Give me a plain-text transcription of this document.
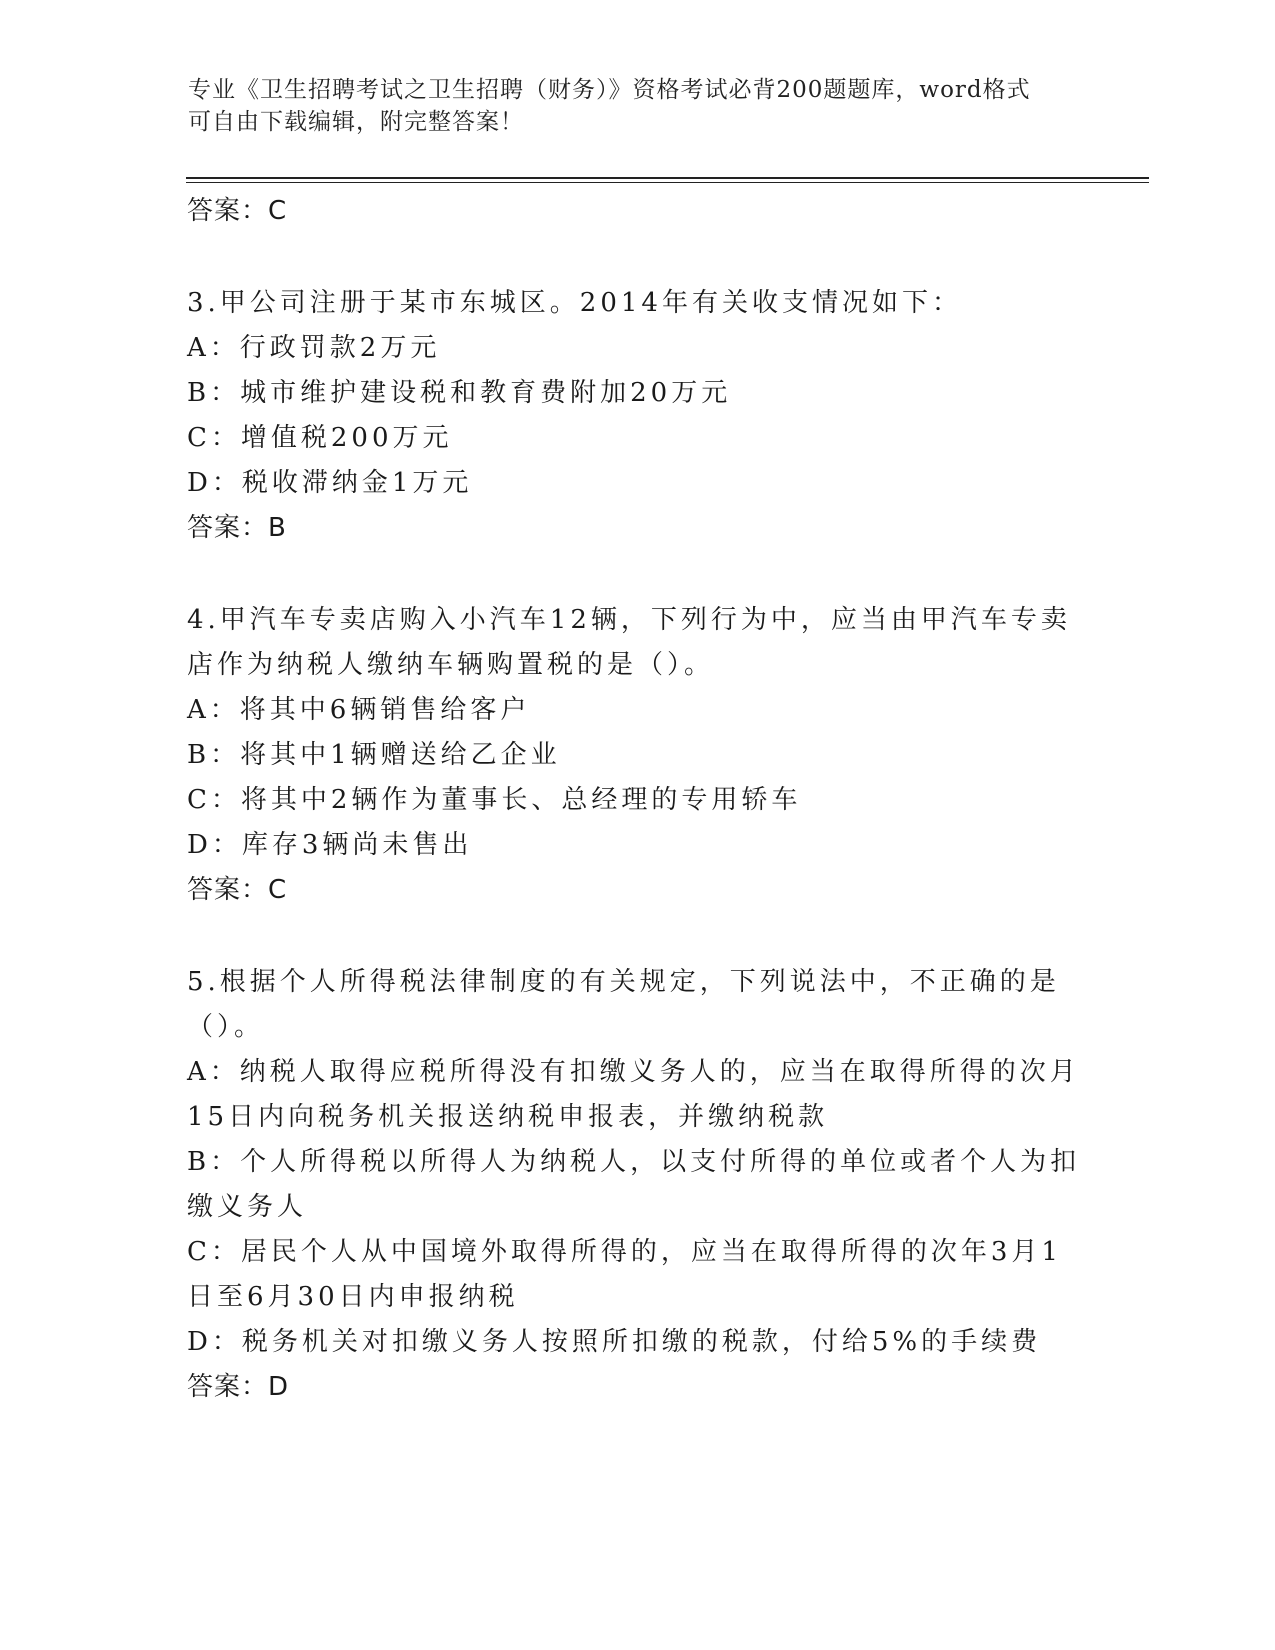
专业《卫生招聘考试之卫生招聘（财务）》资格考试必背200题题库，word格式
可自由下载编辑，附完整答案！

答案：C

3.甲公司注册于某市东城区。2014年有关收支情况如下：

A：行政罚款2万元

B：城市维护建设税和教育费附加20万元

C：增值税200万元

D：税收滞纳金1万元

答案：B

4.甲汽车专卖店购入小汽车12辆，下列行为中，应当由甲汽车专卖店作为纳税人缴纳车辆购置税的是（）。

A：将其中6辆销售给客户

B：将其中1辆赠送给乙企业

C：将其中2辆作为董事长、总经理的专用轿车

D：库存3辆尚未售出

答案：C

5.根据个人所得税法律制度的有关规定，下列说法中，不正确的是（）。

A：纳税人取得应税所得没有扣缴义务人的，应当在取得所得的次月15日内向税务机关报送纳税申报表，并缴纳税款

B：个人所得税以所得人为纳税人，以支付所得的单位或者个人为扣缴义务人

C：居民个人从中国境外取得所得的，应当在取得所得的次年3月1日至6月30日内申报纳税

D：税务机关对扣缴义务人按照所扣缴的税款，付给5%的手续费

答案：D
